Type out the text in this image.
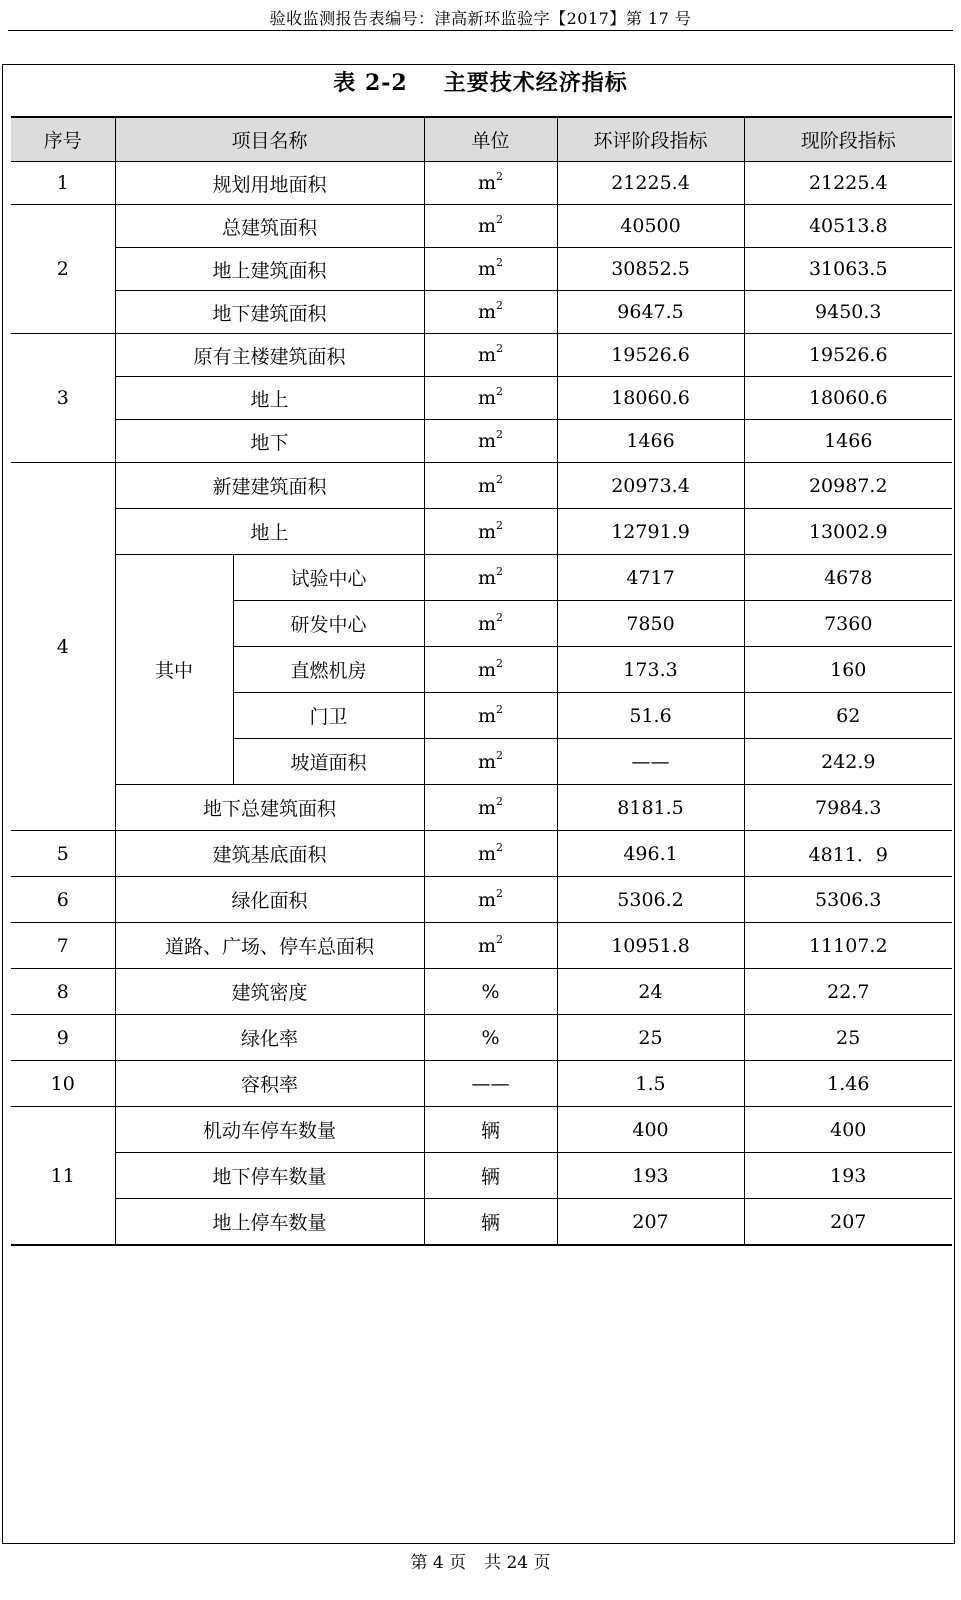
验收监测报告表编号：津高新环监验字【2017】第 17 号
表 2-2 主要技术经济指标
序号	项目名称		单位	环评阶段指标	现阶段指标
1	规划用地面积		$m^2$	21225.4	21225.4
2	总建筑面积		$m^2$	40500	40513.8
	地上建筑面积		$m^2$	30852.5	31063.5
	地下建筑面积		$m^2$	9647.5	9450.3
3	原有主楼建筑面积		$m^2$	19526.6	19526.6
	地上		$m^2$	18060.6	18060.6
	地下		$m^2$	1466	1466
4	新建建筑面积		$m^2$	20973.4	20987.2
	地上		$m^2$	12791.9	13002.9
	其中	试验中心	$m^2$	4717	4678
		研发中心	$m^2$	7850	7360
		直燃机房	$m^2$	173.3	160
		门卫	$m^2$	51.6	62
		坡道面积	$m^2$	——	242.9
	地下总建筑面积		$m^2$	8181.5	7984.3
5	建筑基底面积		$m^2$	496.1	4811．9
6	绿化面积		$m^2$	5306.2	5306.3
7	道路、广场、停车总面积		$m^2$	10951.8	11107.2
8	建筑密度		%	24	22.7
9	绿化率		%	25	25
10	容积率		——	1.5	1.46
11	机动车停车数量		辆	400	400
	地下停车数量		辆	193	193
	地上停车数量		辆	207	207
第 4 页 共 24 页
